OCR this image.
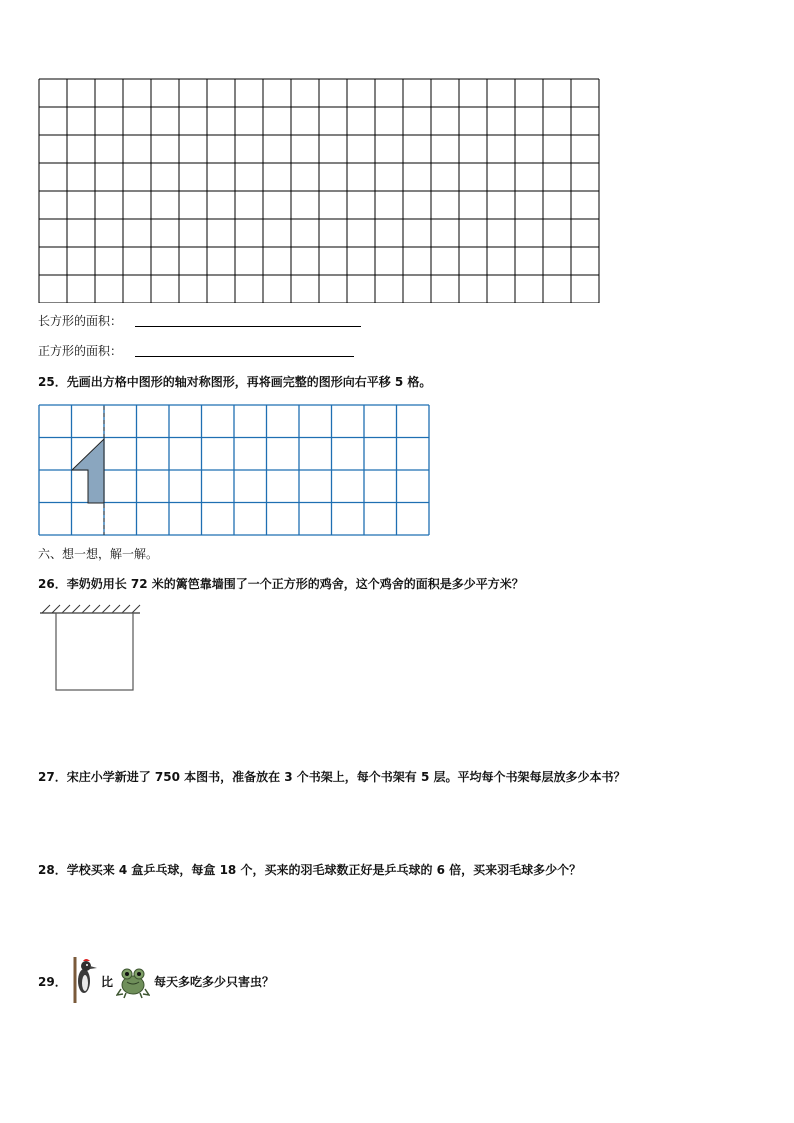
长方形的面积：
正方形的面积：
25．先画出方格中图形的轴对称图形，再将画完整的图形向右平移 5 格。
六、想一想，解一解。
26．李奶奶用长 72 米的篱笆靠墙围了一个正方形的鸡舍，这个鸡舍的面积是多少平方米？
27．宋庄小学新进了 750 本图书，准备放在 3 个书架上，每个书架有 5 层。平均每个书架每层放多少本书？
28．学校买来 4 盒乒乓球，每盒 18 个，买来的羽毛球数正好是乒乓球的 6 倍，买来羽毛球多少个？
29．	比	每天多吃多少只害虫？
